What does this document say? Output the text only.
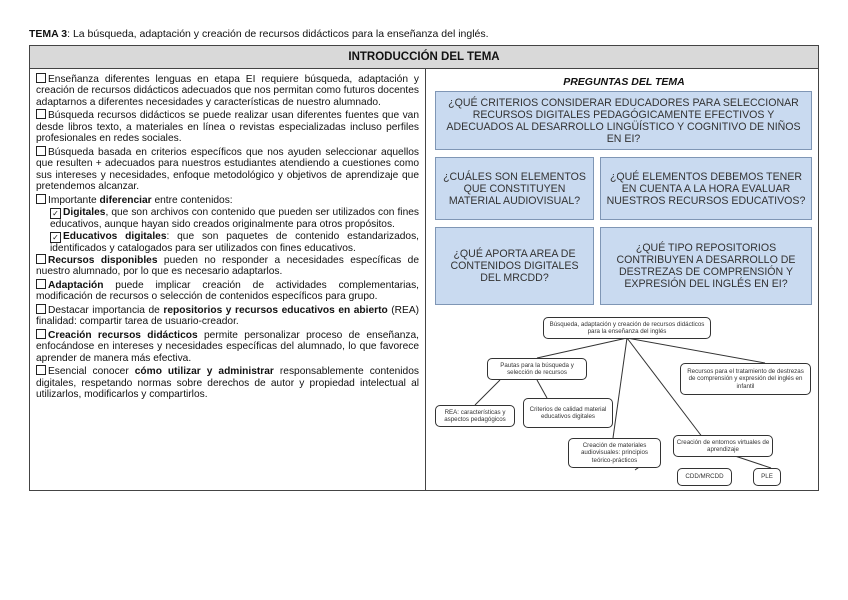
TEMA 3: La búsqueda, adaptación y creación de recursos didácticos para la enseñanza del inglés.
INTRODUCCIÓN DEL TEMA
Enseñanza diferentes lenguas en etapa EI requiere búsqueda, adaptación y creación de recursos didácticos adecuados que nos permitan como futuros docentes adaptarnos a diferentes necesidades y características de nuestro alumnado.
Búsqueda recursos didácticos se puede realizar usan diferentes fuentes que van desde libros texto, a materiales en línea o revistas especializadas incluso perfiles profesionales en redes sociales.
Búsqueda basada en criterios específicos que nos ayuden seleccionar aquellos que resulten + adecuados para nuestros estudiantes atendiendo a cuestiones como sus intereses y necesidades, enfoque metodológico y objetivos de aprendizaje que pretendemos alcanzar.
Importante diferenciar entre contenidos:
✓ Digitales, que son archivos con contenido que pueden ser utilizados con fines educativos, aunque hayan sido creados originalmente para otros propósitos.
✓ Educativos digitales: que son paquetes de contenido estandarizados, identificados y catalogados para ser utilizados con fines educativos.
Recursos disponibles pueden no responder a necesidades específicas de nuestro alumnado, por lo que es necesario adaptarlos.
Adaptación puede implicar creación de actividades complementarias, modificación de recursos o selección de contenidos específicos para grupo.
Destacar importancia de repositorios y recursos educativos en abierto (REA) finalidad: compartir tarea de usuario-creador.
Creación recursos didácticos permite personalizar proceso de enseñanza, enfocándose en intereses y necesidades específicas del alumnado, lo que favorece aprender de manera más efectiva.
Esencial conocer cómo utilizar y administrar responsablemente contenidos digitales, respetando normas sobre derechos de autor y propiedad intelectual al utilizarlos, modificarlos y compartirlos.
PREGUNTAS DEL TEMA
¿QUÉ CRITERIOS CONSIDERAR EDUCADORES PARA SELECCIONAR RECURSOS DIGITALES PEDAGÓGICAMENTE EFECTIVOS Y ADECUADOS AL DESARROLLO LINGÜÍSTICO Y COGNITIVO DE NIÑOS EN EI?
¿CUÁLES SON ELEMENTOS QUE CONSTITUYEN MATERIAL AUDIOVISUAL?
¿QUÉ ELEMENTOS DEBEMOS TENER EN CUENTA A LA HORA EVALUAR NUESTROS RECURSOS EDUCATIVOS?
¿QUÉ APORTA AREA DE CONTENIDOS DIGITALES DEL MRCDD?
¿QUÉ TIPO REPOSITORIOS CONTRIBUYEN A DESARROLLO DE DESTREZAS DE COMPRENSIÓN Y EXPRESIÓN DEL INGLÉS EN EI?
Búsqueda, adaptación y creación de recursos didácticos para la enseñanza del inglés
Pautas para la búsqueda y selección de recursos	Recursos para el tratamiento de destrezas de comprensión y expresión del inglés en infantil
REA: características y aspectos pedagógicos
Criterios de calidad material educativos digitales
Creación de materiales audiovisuales: principios teórico-prácticos
Creación de entornos virtuales de aprendizaje
CDD/MRCDD	PLE
